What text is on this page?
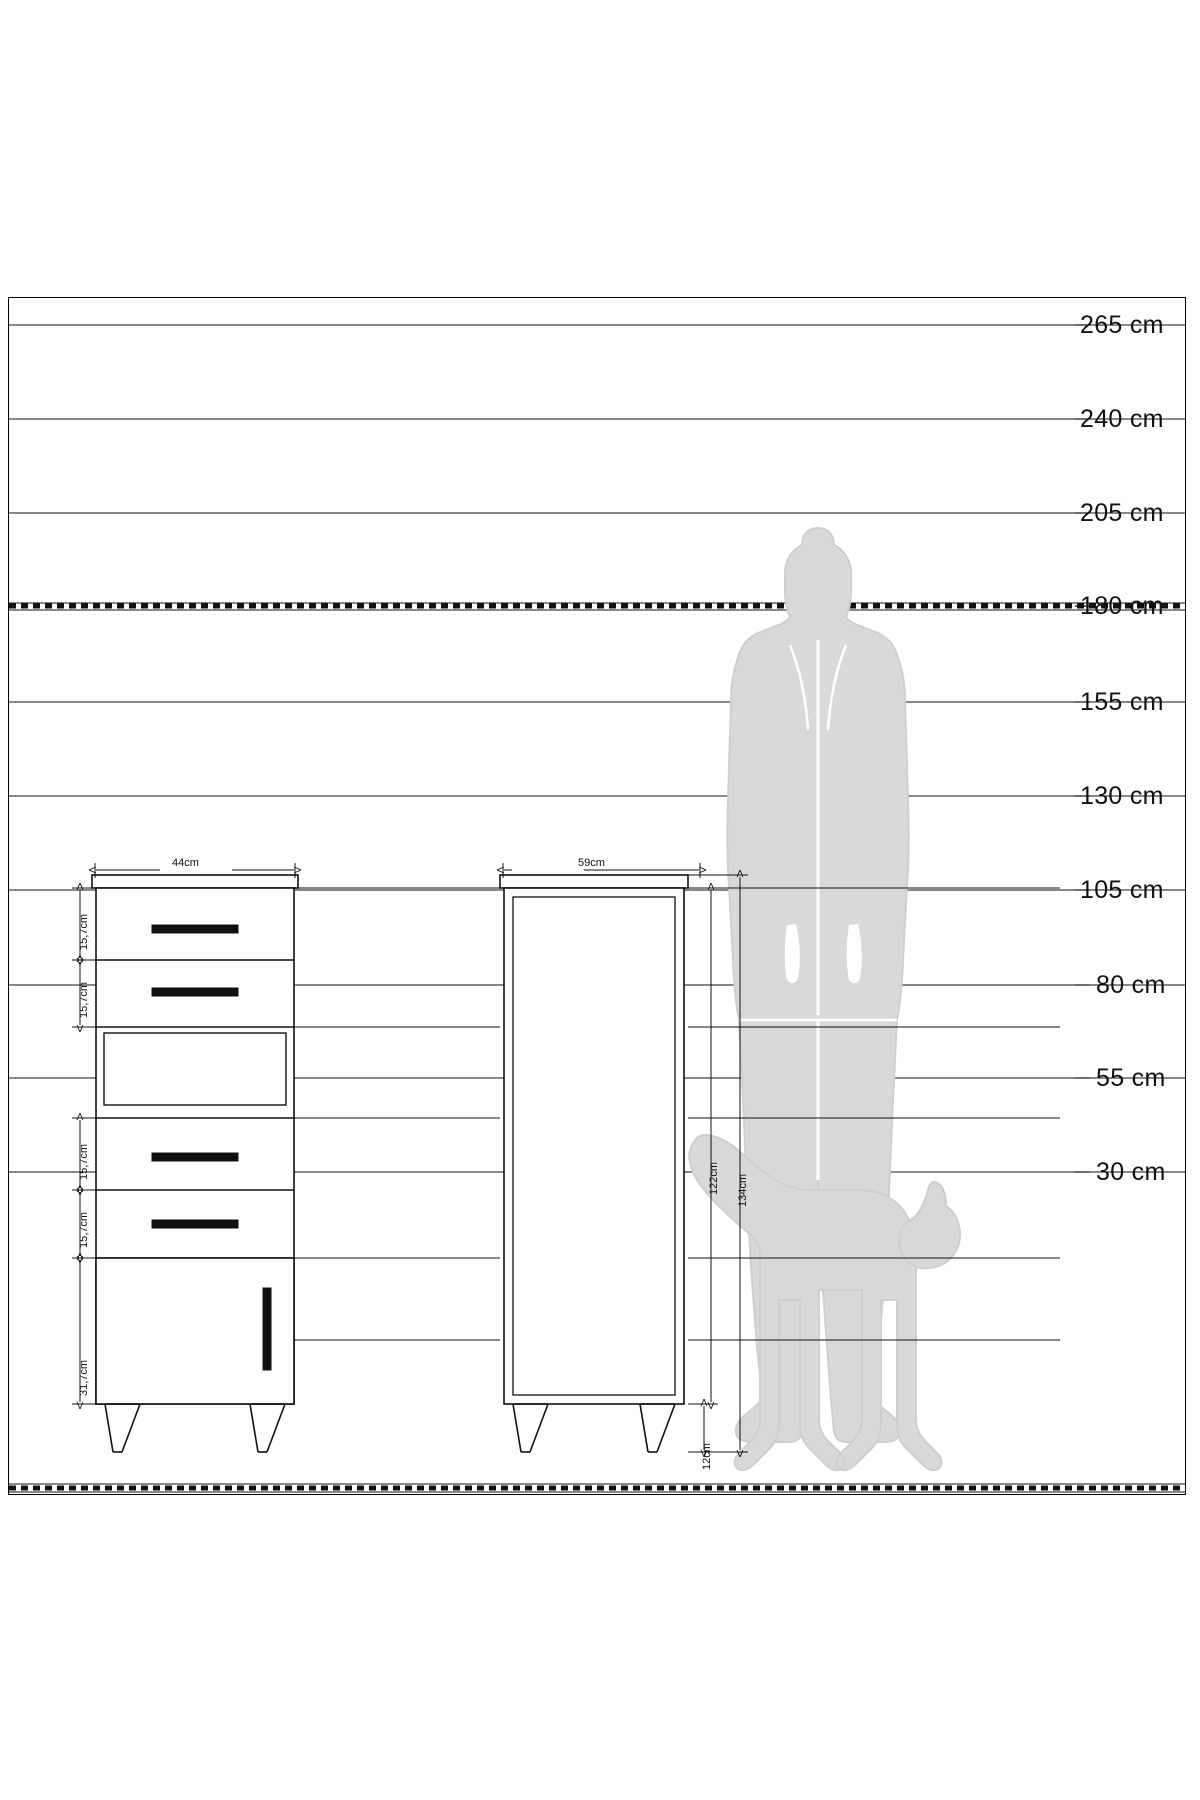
265 cm
240 cm
205 cm
180 cm
155 cm
130 cm
105 cm
80 cm
55 cm
30 cm
44cm	59cm
15,7cm
15,7cm
15,7cm
15,7cm
31,7cm
122cm 134cm
12cm
